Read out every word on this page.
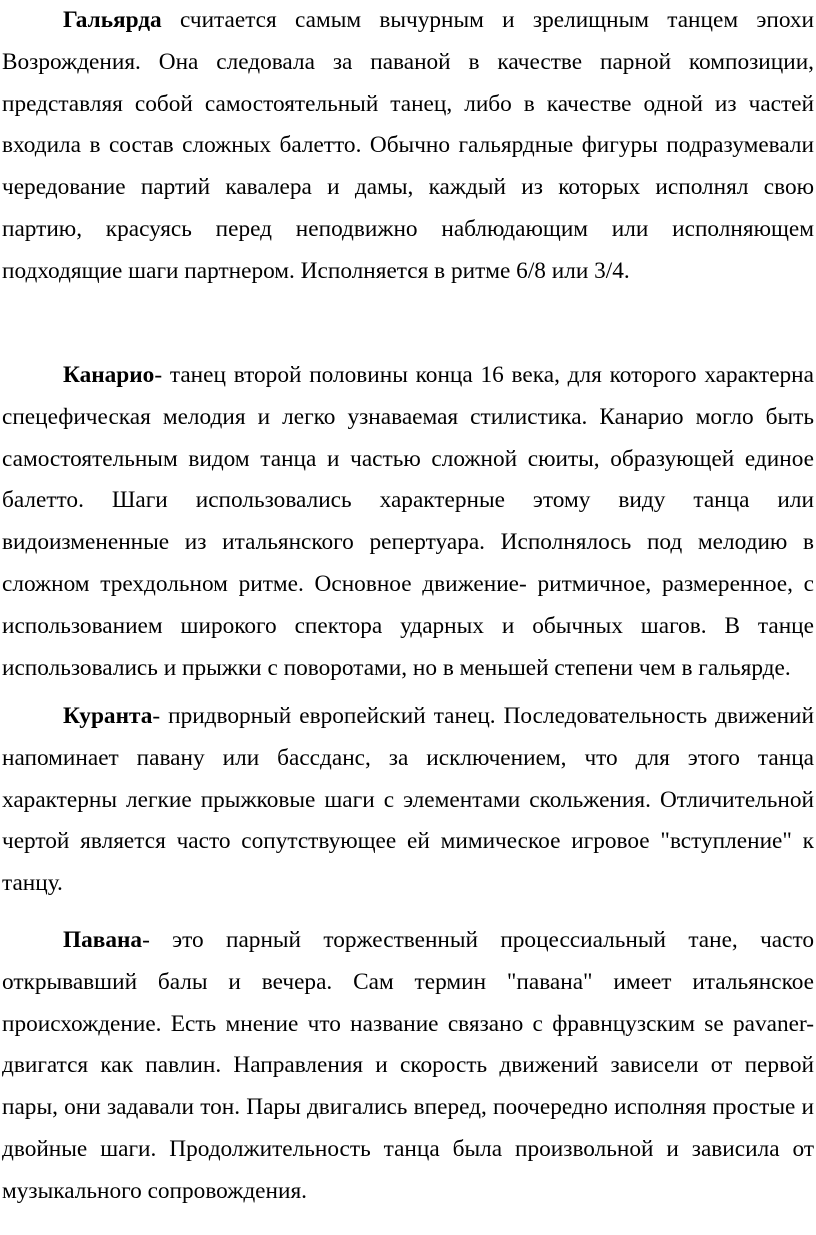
Гальярда считается самым вычурным и зрелищным танцем эпохи Возрождения. Она следовала за паваной в качестве парной композиции, представляя собой самостоятельный танец, либо в качестве одной из частей входила в состав сложных балетто. Обычно гальярдные фигуры подразумевали чередование партий кавалера и дамы, каждый из которых исполнял свою партию, красуясь перед неподвижно наблюдающим или исполняющем подходящие шаги партнером. Исполняется в ритме 6/8 или 3/4.

Канарио- танец второй половины конца 16 века, для которого характерна спецефическая мелодия и легко узнаваемая стилистика. Канарио могло быть самостоятельным видом танца и частью сложной сюиты, образующей единое балетто. Шаги использовались характерные этому виду танца или видоизмененные из итальянского репертуара. Исполнялось под мелодию в сложном трехдольном ритме. Основное движение- ритмичное, размеренное, с использованием широкого спектора ударных и обычных шагов. В танце использовались и прыжки с поворотами, но в меньшей степени чем в гальярде.

Куранта- придворный европейский танец. Последовательность движений напоминает павану или бассданс, за исключением, что для этого танца характерны легкие прыжковые шаги с элементами скольжения. Отличительной чертой является часто сопутствующее ей мимическое игровое "вступление" к танцу.

Павана- это парный торжественный процессиальный тане, часто открывавший балы и вечера. Сам термин "павана" имеет итальянское происхождение. Есть мнение что название связано с фравнцузским se pavaner- двигатся как павлин. Направления и скорость движений зависели от первой пары, они задавали тон. Пары двигались вперед, поочередно исполняя простые и двойные шаги. Продолжительность танца была произвольной и зависила от музыкального сопровождения.
